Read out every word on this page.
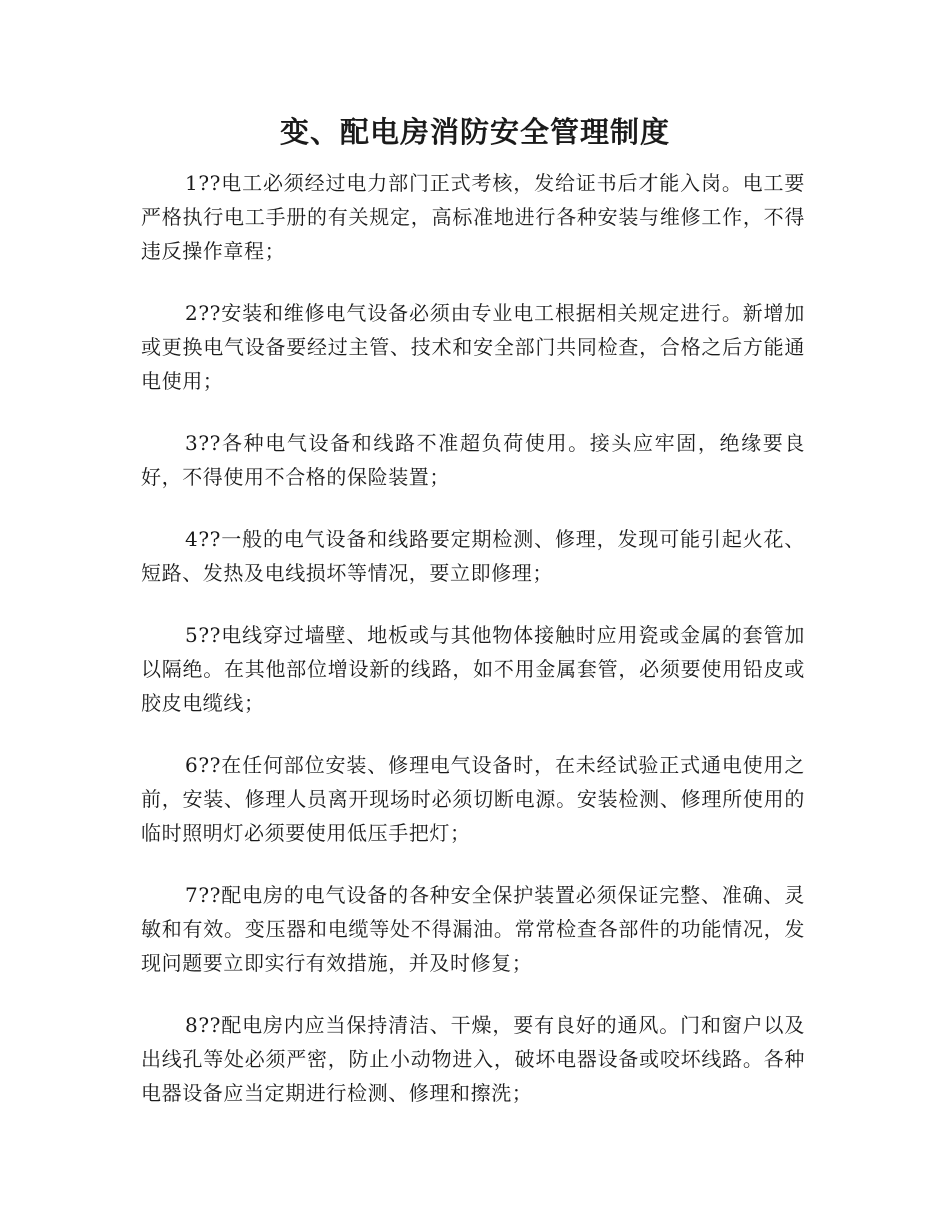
变、配电房消防安全管理制度

1??电工必须经过电力部门正式考核，发给证书后才能入岗。电工要严格执行电工手册的有关规定，高标准地进行各种安装与维修工作，不得违反操作章程；

2??安装和维修电气设备必须由专业电工根据相关规定进行。新增加或更换电气设备要经过主管、技术和安全部门共同检查，合格之后方能通电使用；

3??各种电气设备和线路不准超负荷使用。接头应牢固，绝缘要良好，不得使用不合格的保险装置；

4??一般的电气设备和线路要定期检测、修理，发现可能引起火花、短路、发热及电线损坏等情况，要立即修理；

5??电线穿过墙壁、地板或与其他物体接触时应用瓷或金属的套管加以隔绝。在其他部位增设新的线路，如不用金属套管，必须要使用铅皮或胶皮电缆线；

6??在任何部位安装、修理电气设备时，在未经试验正式通电使用之前，安装、修理人员离开现场时必须切断电源。安装检测、修理所使用的临时照明灯必须要使用低压手把灯；

7??配电房的电气设备的各种安全保护装置必须保证完整、准确、灵敏和有效。变压器和电缆等处不得漏油。常常检查各部件的功能情况，发现问题要立即实行有效措施，并及时修复；

8??配电房内应当保持清洁、干燥，要有良好的通风。门和窗户以及出线孔等处必须严密，防止小动物进入，破坏电器设备或咬坏线路。各种电器设备应当定期进行检测、修理和擦洗；
